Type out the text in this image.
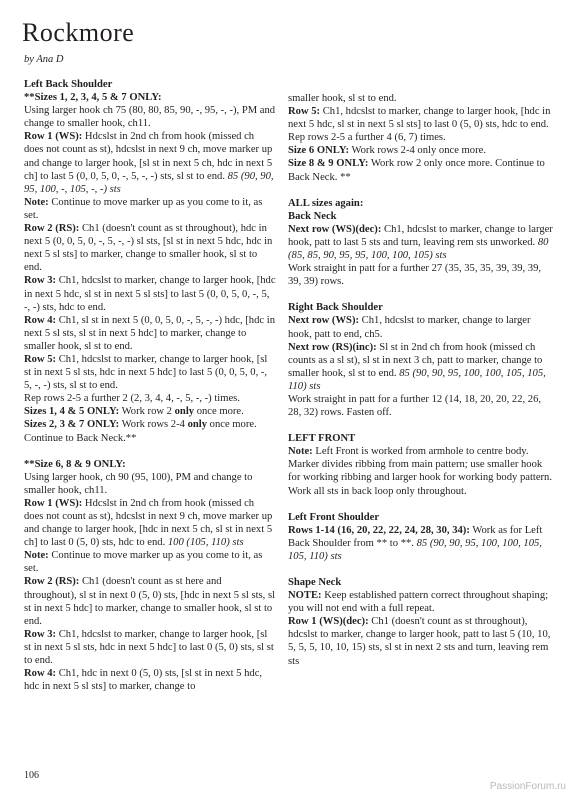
Rockmore
by Ana D

Left Back Shoulder

**Sizes 1, 2, 3, 4, 5 & 7 ONLY:

Using larger hook ch 75 (80, 80, 85, 90, -, 95, -, -), PM and change to smaller hook, ch11.

Row 1 (WS): Hdcslst in 2nd ch from hook (missed ch does not count as st), hdcslst in next 9 ch, move marker up and change to larger hook, [sl st in next 5 ch, hdc in next 5 ch] to last 5 (0, 0, 5, 0, -, 5, -, -) sts, sl st to end. 85 (90, 90, 95, 100, -, 105, -, -) sts

Note: Continue to move marker up as you come to it, as set.

Row 2 (RS): Ch1 (doesn't count as st throughout), hdc in next 5 (0, 0, 5, 0, -, 5, -, -) sl sts, [sl st in next 5 hdc, hdc in next 5 sl sts] to marker, change to smaller hook, sl st to end.

Row 3: Ch1, hdcslst to marker, change to larger hook, [hdc in next 5 hdc, sl st in next 5 sl sts] to last 5 (0, 0, 5, 0, -, 5, -, -) sts, hdc to end.

Row 4: Ch1, sl st in next 5 (0, 0, 5, 0, -, 5, -, -) hdc, [hdc in next 5 sl sts, sl st in next 5 hdc] to marker, change to smaller hook, sl st to end.

Row 5: Ch1, hdcslst to marker, change to larger hook, [sl st in next 5 sl sts, hdc in next 5 hdc] to last 5 (0, 0, 5, 0, -, 5, -, -) sts, sl st to end.

Rep rows 2-5 a further 2 (2, 3, 4, 4, -, 5, -, -) times.

Sizes 1, 4 & 5 ONLY: Work row 2 only once more.

Sizes 2, 3 & 7 ONLY: Work rows 2-4 only once more. Continue to Back Neck.**

**Size 6, 8 & 9 ONLY:

Using larger hook, ch 90 (95, 100), PM and change to smaller hook, ch11.

Row 1 (WS): Hdcslst in 2nd ch from hook (missed ch does not count as st), hdcslst in next 9 ch, move marker up and change to larger hook, [hdc in next 5 ch, sl st in next 5 ch] to last 0 (5, 0) sts, hdc to end. 100 (105, 110) sts

Note: Continue to move marker up as you come to it, as set.

Row 2 (RS): Ch1 (doesn't count as st here and throughout), sl st in next 0 (5, 0) sts, [hdc in next 5 sl sts, sl st in next 5 hdc] to marker, change to smaller hook, sl st to end.

Row 3: Ch1, hdcslst to marker, change to larger hook, [sl st in next 5 sl sts, hdc in next 5 hdc] to last 0 (5, 0) sts, sl st to end.

Row 4: Ch1, hdc in next 0 (5, 0) sts, [sl st in next 5 hdc, hdc in next 5 sl sts] to marker, change to

smaller hook, sl st to end.

Row 5: Ch1, hdcslst to marker, change to larger hook, [hdc in next 5 hdc, sl st in next 5 sl sts] to last 0 (5, 0) sts, hdc to end.

Rep rows 2-5 a further 4 (6, 7) times.

Size 6 ONLY: Work rows 2-4 only once more.

Size 8 & 9 ONLY: Work row 2 only once more. Continue to Back Neck. **

ALL sizes again:

Back Neck

Next row (WS)(dec): Ch1, hdcslst to marker, change to larger hook, patt to last 5 sts and turn, leaving rem sts unworked. 80 (85, 85, 90, 95, 95, 100, 100, 105) sts

Work straight in patt for a further 27 (35, 35, 35, 39, 39, 39, 39, 39) rows.

Right Back Shoulder

Next row (WS): Ch1, hdcslst to marker, change to larger hook, patt to end, ch5.

Next row (RS)(inc): Sl st in 2nd ch from hook (missed ch counts as a sl st), sl st in next 3 ch, patt to marker, change to smaller hook, sl st to end. 85 (90, 90, 95, 100, 100, 105, 105, 110) sts

Work straight in patt for a further 12 (14, 18, 20, 20, 22, 26, 28, 32) rows. Fasten off.

LEFT FRONT

Note: Left Front is worked from armhole to centre body. Marker divides ribbing from main pattern; use smaller hook for working ribbing and larger hook for working body pattern. Work all sts in back loop only throughout.

Left Front Shoulder

Rows 1-14 (16, 20, 22, 22, 24, 28, 30, 34): Work as for Left Back Shoulder from ** to **. 85 (90, 90, 95, 100, 100, 105, 105, 110) sts

Shape Neck

NOTE: Keep established pattern correct throughout shaping; you will not end with a full repeat.

Row 1 (WS)(dec): Ch1 (doesn't count as st throughout), hdcslst to marker, change to larger hook, patt to last 5 (10, 10, 5, 5, 5, 10, 10, 15) sts, sl st in next 2 sts and turn, leaving rem sts

106
PassionForum.ru
